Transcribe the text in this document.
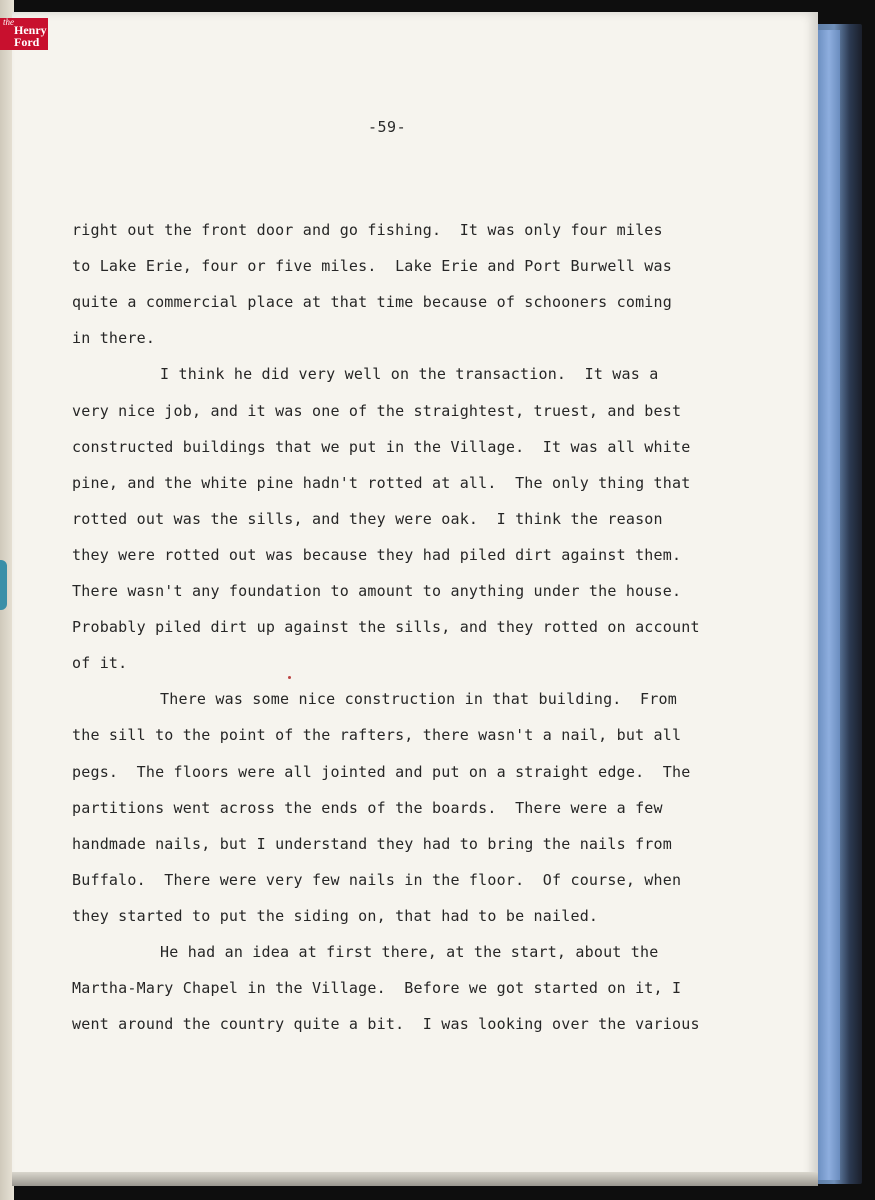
the
Henry
Ford
-59-
right out the front door and go fishing.  It was only four miles
to Lake Erie, four or five miles.  Lake Erie and Port Burwell was
quite a commercial place at that time because of schooners coming
in there.
I think he did very well on the transaction.  It was a
very nice job, and it was one of the straightest, truest, and best
constructed buildings that we put in the Village.  It was all white
pine, and the white pine hadn't rotted at all.  The only thing that
rotted out was the sills, and they were oak.  I think the reason
they were rotted out was because they had piled dirt against them.
There wasn't any foundation to amount to anything under the house.
Probably piled dirt up against the sills, and they rotted on account
of it.
There was some nice construction in that building.  From
the sill to the point of the rafters, there wasn't a nail, but all
pegs.  The floors were all jointed and put on a straight edge.  The
partitions went across the ends of the boards.  There were a few
handmade nails, but I understand they had to bring the nails from
Buffalo.  There were very few nails in the floor.  Of course, when
they started to put the siding on, that had to be nailed.
He had an idea at first there, at the start, about the
Martha-Mary Chapel in the Village.  Before we got started on it, I
went around the country quite a bit.  I was looking over the various
